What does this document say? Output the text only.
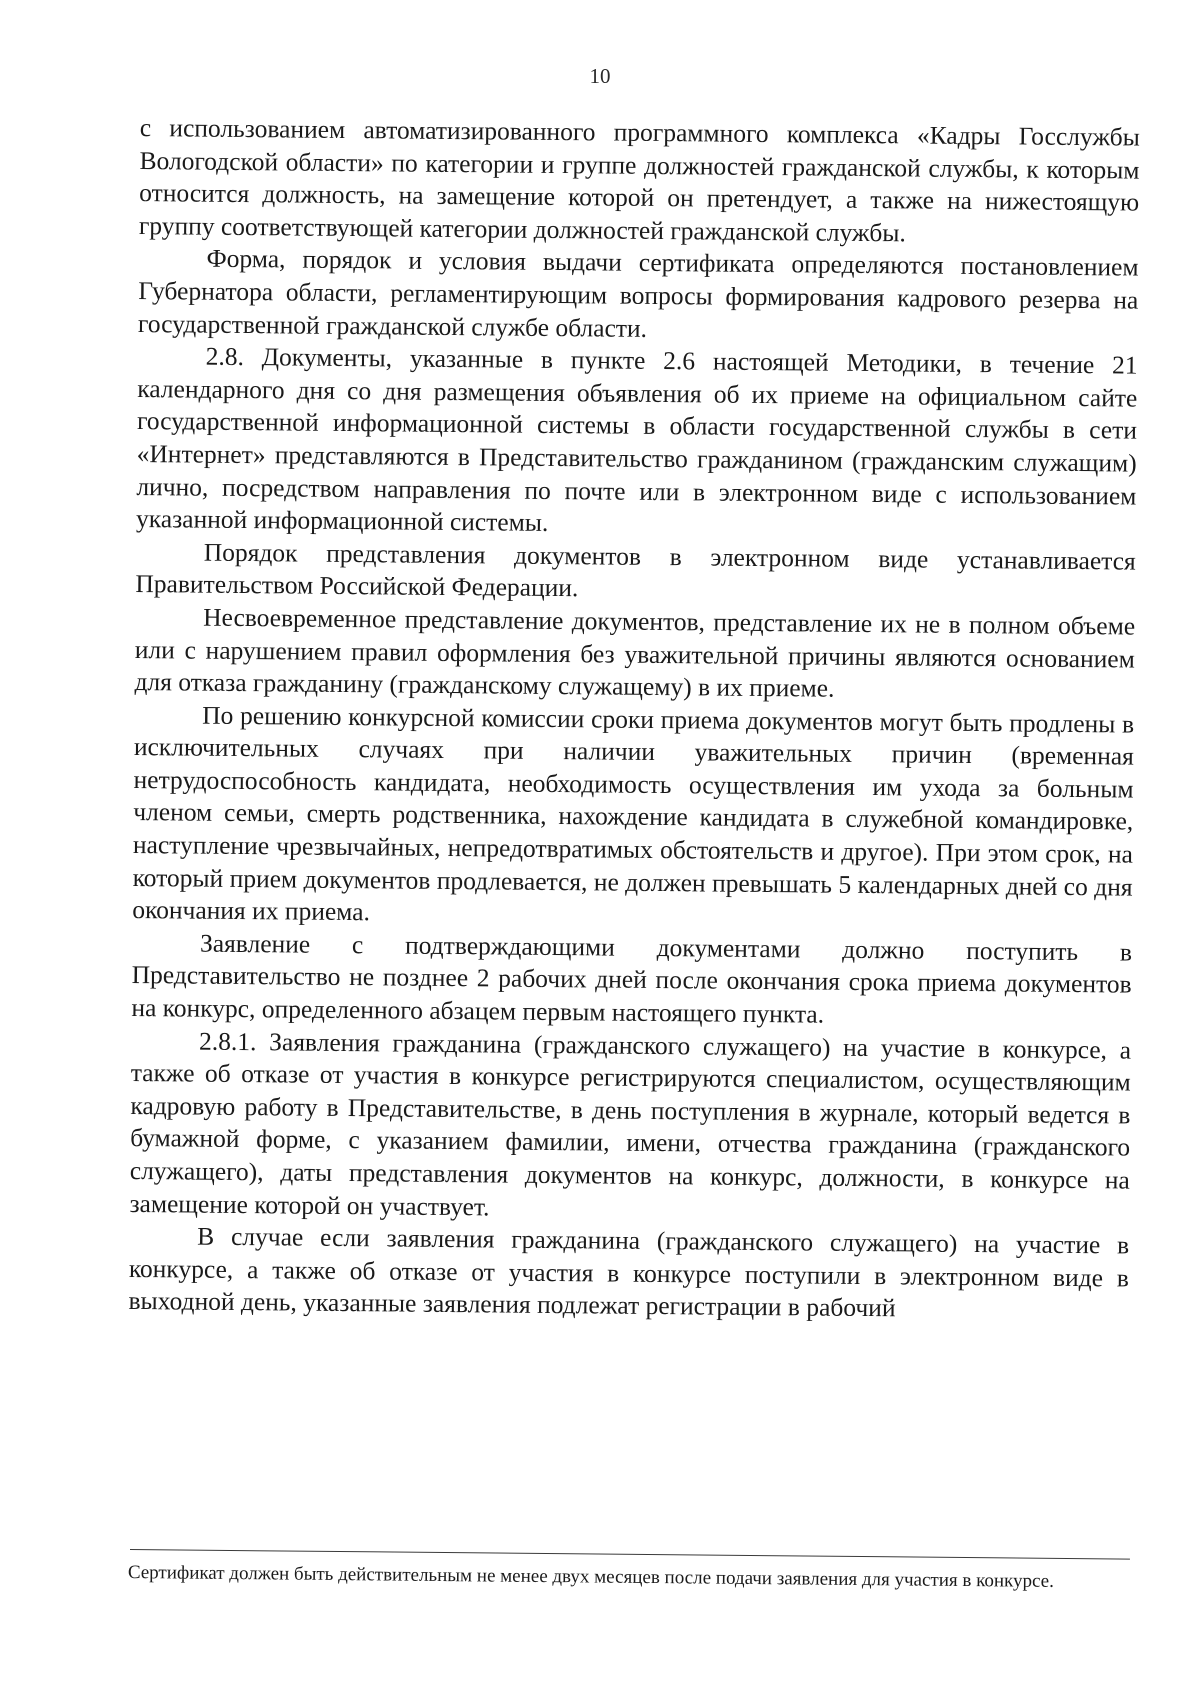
10

с использованием автоматизированного программного комплекса «Кадры Госслужбы Вологодской области» по категории и группе должностей гражданской службы, к которым относится должность, на замещение которой он претендует, а также на нижестоящую группу соответствующей категории должностей гражданской службы.

Форма, порядок и условия выдачи сертификата определяются постановлением Губернатора области, регламентирующим вопросы формирования кадрового резерва на государственной гражданской службе области.

2.8. Документы, указанные в пункте 2.6 настоящей Методики, в течение 21 календарного дня со дня размещения объявления об их приеме на официальном сайте государственной информационной системы в области государственной службы в сети «Интернет» представляются в Представительство гражданином (гражданским служащим) лично, посредством направления по почте или в электронном виде с использованием указанной информационной системы.

Порядок представления документов в электронном виде устанавливается Правительством Российской Федерации.

Несвоевременное представление документов, представление их не в полном объеме или с нарушением правил оформления без уважительной причины являются основанием для отказа гражданину (гражданскому служащему) в их приеме.

По решению конкурсной комиссии сроки приема документов могут быть продлены в исключительных случаях при наличии уважительных причин (временная нетрудоспособность кандидата, необходимость осуществления им ухода за больным членом семьи, смерть родственника, нахождение кандидата в служебной командировке, наступление чрезвычайных, непредотвратимых обстоятельств и другое). При этом срок, на который прием документов продлевается, не должен превышать 5 календарных дней со дня окончания их приема.

Заявление с подтверждающими документами должно поступить в Представительство не позднее 2 рабочих дней после окончания срока приема документов на конкурс, определенного абзацем первым настоящего пункта.

2.8.1. Заявления гражданина (гражданского служащего) на участие в конкурсе, а также об отказе от участия в конкурсе регистрируются специалистом, осуществляющим кадровую работу в Представительстве, в день поступления в журнале, который ведется в бумажной форме, с указанием фамилии, имени, отчества гражданина (гражданского служащего), даты представления документов на конкурс, должности, в конкурсе на замещение которой он участвует.

В случае если заявления гражданина (гражданского служащего) на участие в конкурсе, а также об отказе от участия в конкурсе поступили в электронном виде в выходной день, указанные заявления подлежат регистрации в рабочий

Сертификат должен быть действительным не менее двух месяцев после подачи заявления для участия в конкурсе.
